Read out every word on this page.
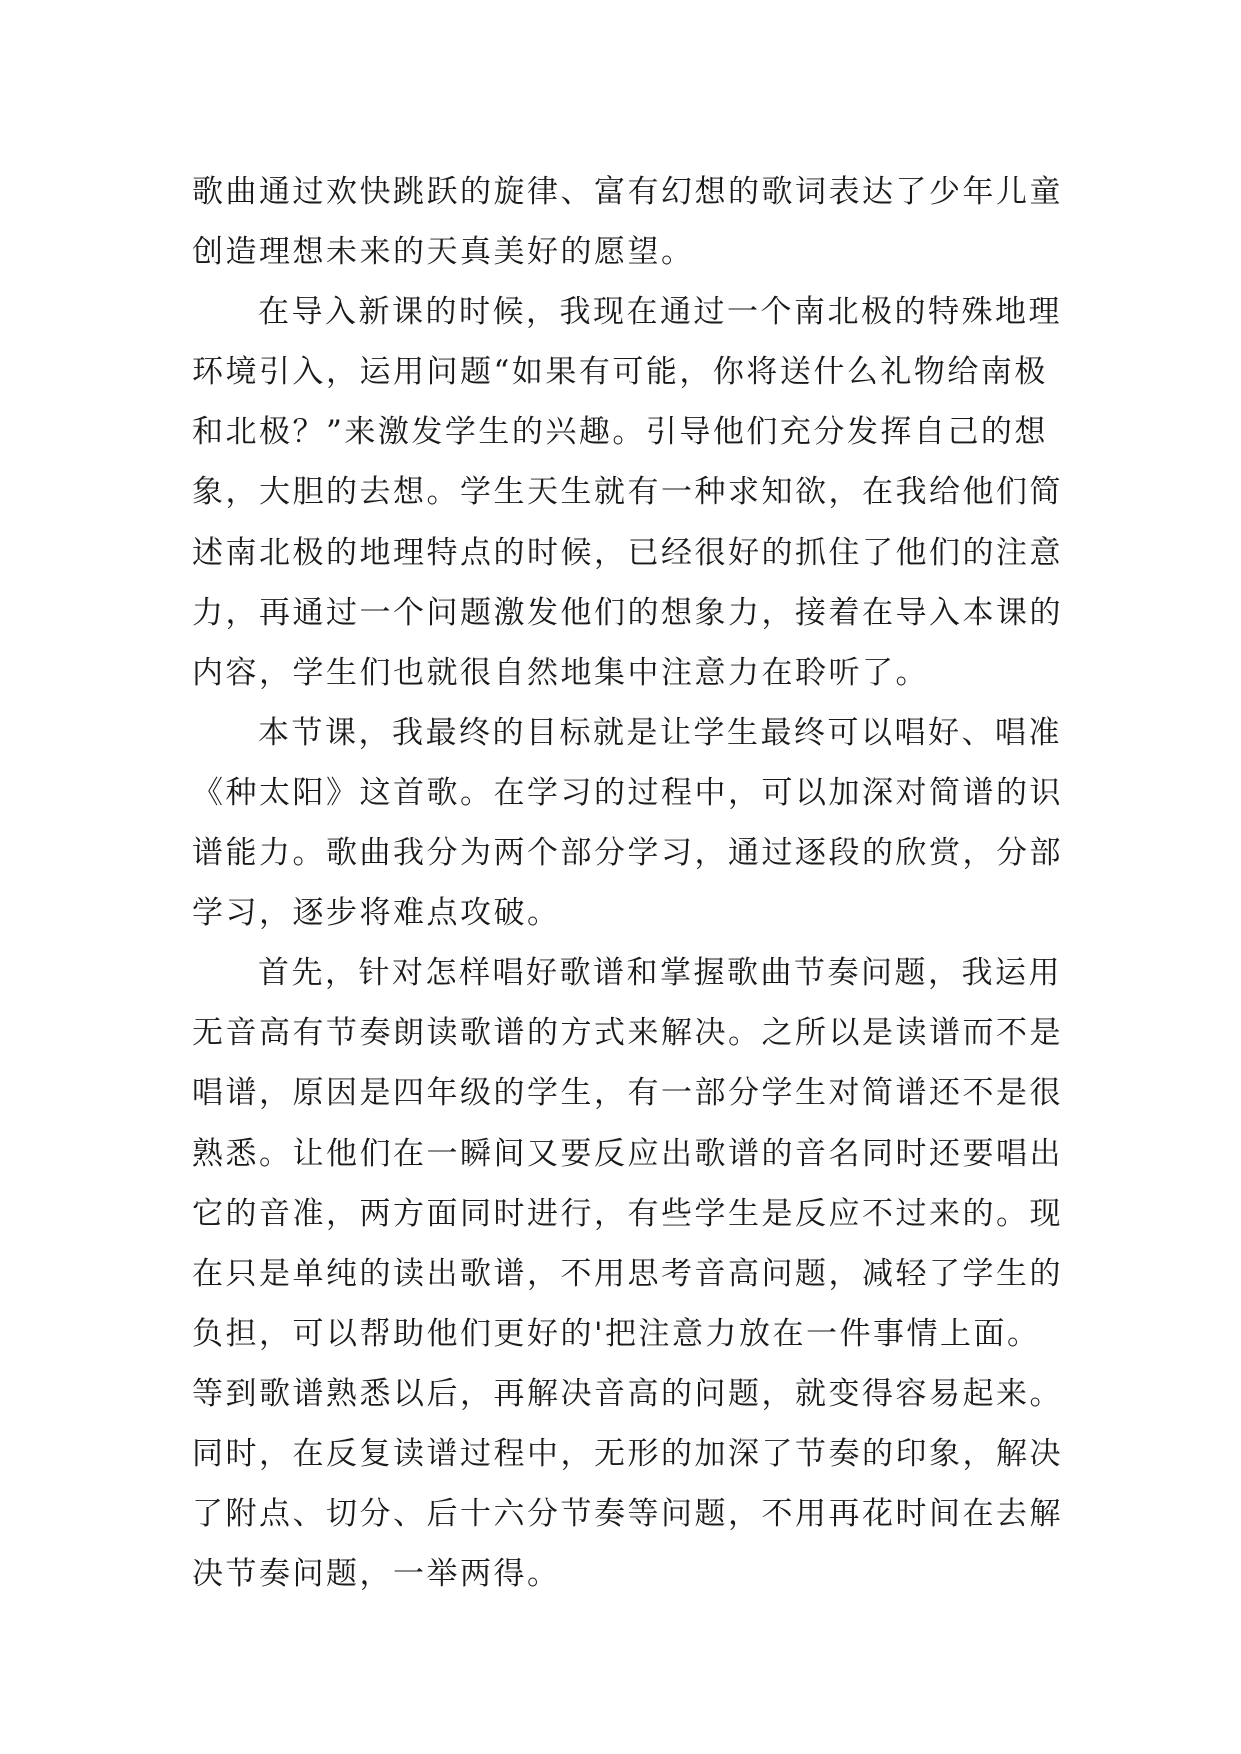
歌曲通过欢快跳跃的旋律、富有幻想的歌词表达了少年儿童
创造理想未来的天真美好的愿望。
在导入新课的时候，我现在通过一个南北极的特殊地理
环境引入，运用问题“如果有可能，你将送什么礼物给南极
和北极？”来激发学生的兴趣。引导他们充分发挥自己的想
象，大胆的去想。学生天生就有一种求知欲，在我给他们简
述南北极的地理特点的时候，已经很好的抓住了他们的注意
力，再通过一个问题激发他们的想象力，接着在导入本课的
内容，学生们也就很自然地集中注意力在聆听了。
本节课，我最终的目标就是让学生最终可以唱好、唱准
《种太阳》这首歌。在学习的过程中，可以加深对简谱的识
谱能力。歌曲我分为两个部分学习，通过逐段的欣赏，分部
学习，逐步将难点攻破。
首先，针对怎样唱好歌谱和掌握歌曲节奏问题，我运用
无音高有节奏朗读歌谱的方式来解决。之所以是读谱而不是
唱谱，原因是四年级的学生，有一部分学生对简谱还不是很
熟悉。让他们在一瞬间又要反应出歌谱的音名同时还要唱出
它的音准，两方面同时进行，有些学生是反应不过来的。现
在只是单纯的读出歌谱，不用思考音高问题，减轻了学生的
负担，可以帮助他们更好的'把注意力放在一件事情上面。
等到歌谱熟悉以后，再解决音高的问题，就变得容易起来。
同时，在反复读谱过程中，无形的加深了节奏的印象，解决
了附点、切分、后十六分节奏等问题，不用再花时间在去解
决节奏问题，一举两得。
